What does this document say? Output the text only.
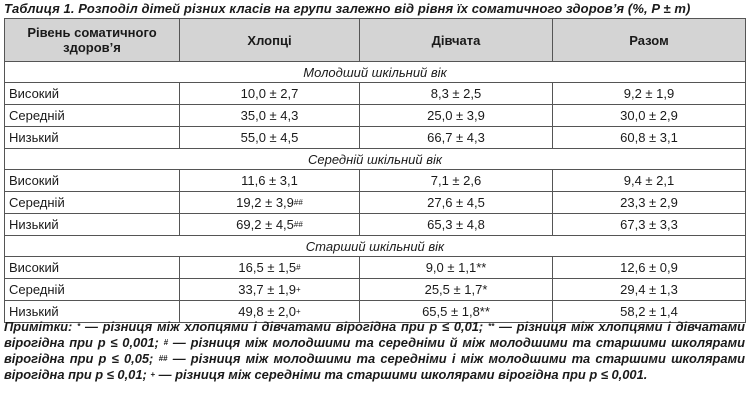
Таблиця 1. Розподіл дітей різних класів на групи залежно від рівня їх соматичного здоров’я (%, P ± m)
Рівень соматичного здоров’я	Хлопці	Дівчата	Разом
Молодший шкільний вік			
Високий	10,0 ± 2,7	8,3 ± 2,5	9,2 ± 1,9
Середній	35,0 ± 4,3	25,0 ± 3,9	30,0 ± 2,9
Низький	55,0 ± 4,5	66,7 ± 4,3	60,8 ± 3,1
Середній шкільний вік			
Високий	11,6 ± 3,1	7,1 ± 2,6	9,4 ± 2,1
Середній	19,2 ± 3,9##	27,6 ± 4,5	23,3 ± 2,9
Низький	69,2 ± 4,5##	65,3 ± 4,8	67,3 ± 3,3
Старший шкільний вік			
Високий	16,5 ± 1,5#	9,0 ± 1,1**	12,6 ± 0,9
Середній	33,7 ± 1,9+	25,5 ± 1,7*	29,4 ± 1,3
Низький	49,8 ± 2,0+	65,5 ± 1,8**	58,2 ± 1,4
Примітки: * — різниця між хлопцями і дівчатами вірогідна при p ≤ 0,01; ** — різниця між хлопцями і дівчатами вірогідна при p ≤ 0,001; # — різниця між молодшими та середніми й між молодшими та старшими школярами вірогідна при p ≤ 0,05; ## — різниця між молодшими та середніми і між молодшими та старшими школярами вірогідна при p ≤ 0,01; + — різниця між середніми та старшими школярами вірогідна при p ≤ 0,001.
